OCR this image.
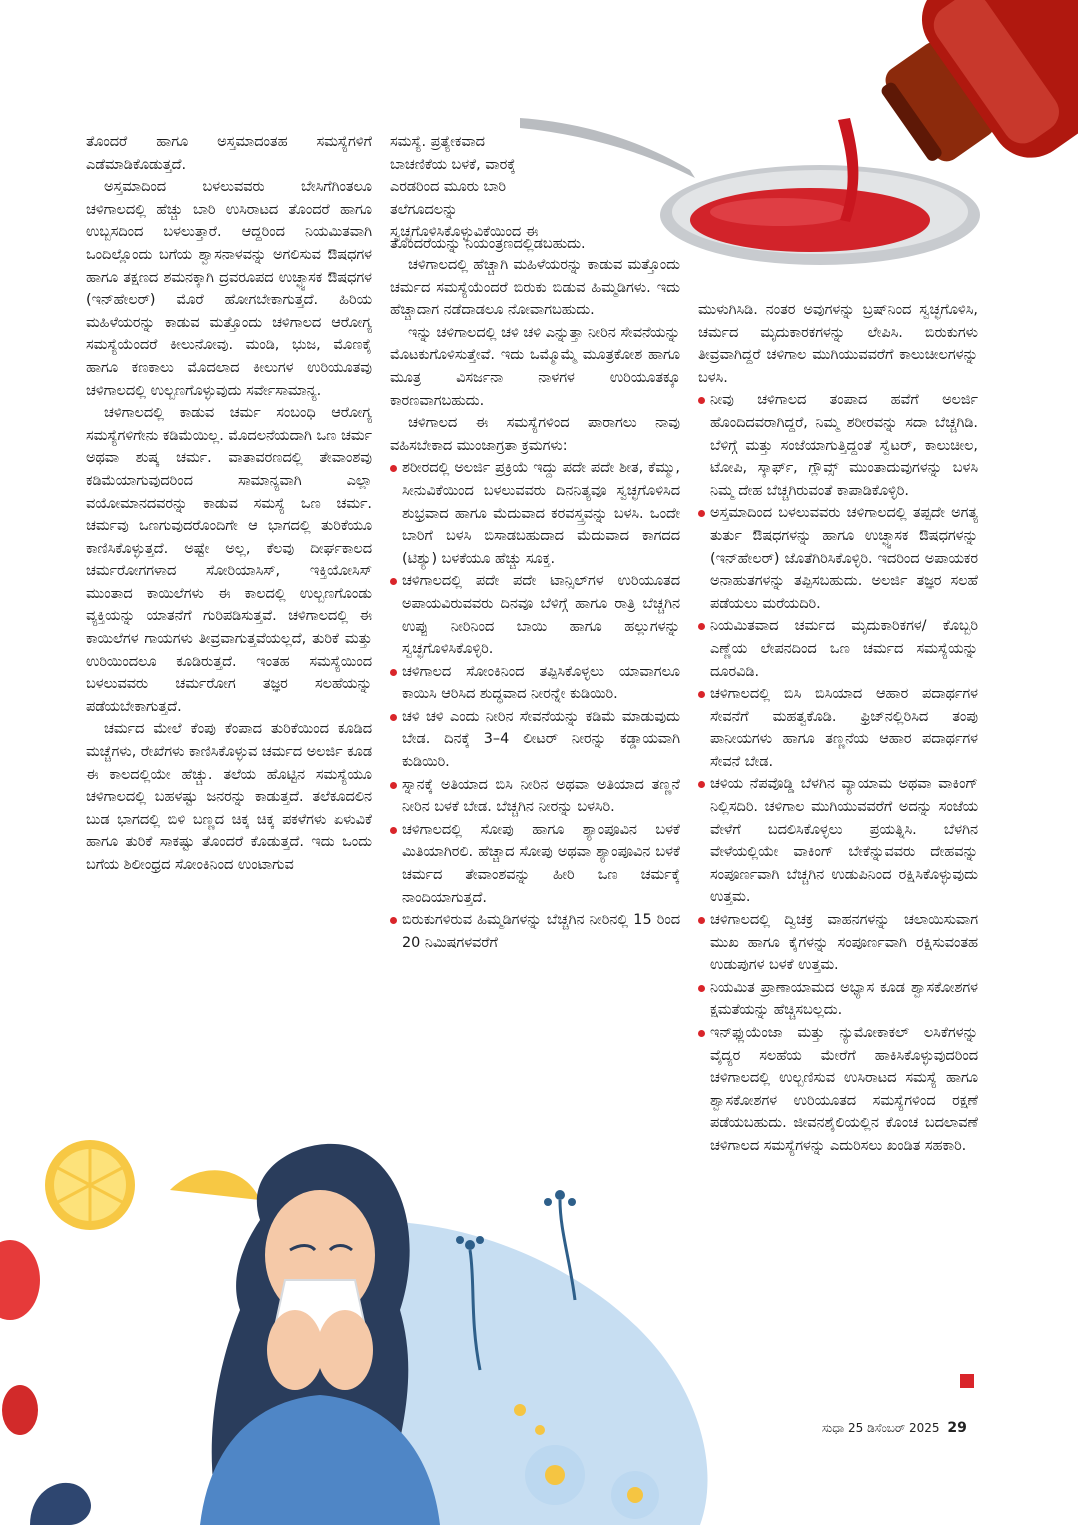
ತೊಂದರೆ ಹಾಗೂ ಅಸ್ತಮಾದಂತಹ ಸಮಸ್ಯೆಗಳಿಗೆ ಎಡೆಮಾಡಿಕೊಡುತ್ತದೆ.

ಅಸ್ತಮಾದಿಂದ ಬಳಲುವವರು ಬೇಸಿಗೆಗಿಂತಲೂ ಚಳಿಗಾಲದಲ್ಲಿ ಹೆಚ್ಚು ಬಾರಿ ಉಸಿರಾಟದ ತೊಂದರೆ ಹಾಗೂ ಉಬ್ಬಸದಿಂದ ಬಳಲುತ್ತಾರೆ. ಆದ್ದರಿಂದ ನಿಯಮಿತವಾಗಿ ಒಂದಿಲ್ಲೊಂದು ಬಗೆಯ ಶ್ವಾಸನಾಳವನ್ನು ಅಗಲಿಸುವ ಔಷಧಗಳ ಹಾಗೂ ತಕ್ಷಣದ ಶಮನಕ್ಕಾಗಿ ದ್ರವರೂಪದ ಉಚ್ಛ್ವಾಸಕ ಔಷಧಗಳ (ಇನ್‌ಹೇಲರ್) ಮೊರೆ ಹೋಗಬೇಕಾಗುತ್ತದೆ. ಹಿರಿಯ ಮಹಿಳೆಯರನ್ನು ಕಾಡುವ ಮತ್ತೊಂದು ಚಳಿಗಾಲದ ಆರೋಗ್ಯ ಸಮಸ್ಯೆಯೆಂದರೆ ಕೀಲುನೋವು. ಮಂಡಿ, ಭುಜ, ಮೊಣಕೈ ಹಾಗೂ ಕಣಕಾಲು ಮೊದಲಾದ ಕೀಲುಗಳ ಉರಿಯೂತವು ಚಳಿಗಾಲದಲ್ಲಿ ಉಲ್ಬಣಗೊಳ್ಳುವುದು ಸರ್ವೇಸಾಮಾನ್ಯ.

ಚಳಿಗಾಲದಲ್ಲಿ ಕಾಡುವ ಚರ್ಮ ಸಂಬಂಧಿ ಆರೋಗ್ಯ ಸಮಸ್ಯೆಗಳಿಗೇನು ಕಡಿಮೆಯಿಲ್ಲ. ಮೊದಲನೆಯದಾಗಿ ಒಣ ಚರ್ಮ ಅಥವಾ ಶುಷ್ಕ ಚರ್ಮ. ವಾತಾವರಣದಲ್ಲಿ ತೇವಾಂಶವು ಕಡಿಮೆಯಾಗುವುದರಿಂದ ಸಾಮಾನ್ಯವಾಗಿ ಎಲ್ಲಾ ವಯೋಮಾನದವರನ್ನು ಕಾಡುವ ಸಮಸ್ಯೆ ಒಣ ಚರ್ಮ. ಚರ್ಮವು ಒಣಗುವುದರೊಂದಿಗೇ ಆ ಭಾಗದಲ್ಲಿ ತುರಿಕೆಯೂ ಕಾಣಿಸಿಕೊಳ್ಳುತ್ತದೆ. ಅಷ್ಟೇ ಅಲ್ಲ, ಕೆಲವು ದೀರ್ಘಕಾಲದ ಚರ್ಮರೋಗಗಳಾದ ಸೋರಿಯಾಸಿಸ್, ಇಕ್ತಿಯೋಸಿಸ್ ಮುಂತಾದ ಕಾಯಿಲೆಗಳು ಈ ಕಾಲದಲ್ಲಿ ಉಲ್ಬಣಗೊಂಡು ವ್ಯಕ್ತಿಯನ್ನು ಯಾತನೆಗೆ ಗುರಿಪಡಿಸುತ್ತವೆ. ಚಳಿಗಾಲದಲ್ಲಿ ಈ ಕಾಯಿಲೆಗಳ ಗಾಯಗಳು ತೀವ್ರವಾಗುತ್ತವೆಯಲ್ಲದೆ, ತುರಿಕೆ ಮತ್ತು ಉರಿಯಿಂದಲೂ ಕೂಡಿರುತ್ತದೆ. ಇಂತಹ ಸಮಸ್ಯೆಯಿಂದ ಬಳಲುವವರು ಚರ್ಮರೋಗ ತಜ್ಞರ ಸಲಹೆಯನ್ನು ಪಡೆಯಬೇಕಾಗುತ್ತದೆ.

ಚರ್ಮದ ಮೇಲೆ ಕೆಂಪು ಕೆಂಪಾದ ತುರಿಕೆಯಿಂದ ಕೂಡಿದ ಮಚ್ಚೆಗಳು, ರೇಖೆಗಳು ಕಾಣಿಸಿಕೊಳ್ಳುವ ಚರ್ಮದ ಅಲರ್ಜಿ ಕೂಡ ಈ ಕಾಲದಲ್ಲಿಯೇ ಹೆಚ್ಚು. ತಲೆಯ ಹೊಟ್ಟಿನ ಸಮಸ್ಯೆಯೂ ಚಳಿಗಾಲದಲ್ಲಿ ಬಹಳಷ್ಟು ಜನರನ್ನು ಕಾಡುತ್ತದೆ. ತಲೆಕೂದಲಿನ ಬುಡ ಭಾಗದಲ್ಲಿ ಬಿಳಿ ಬಣ್ಣದ ಚಿಕ್ಕ ಚಿಕ್ಕ ಪಕಳೆಗಳು ಏಳುವಿಕೆ ಹಾಗೂ ತುರಿಕೆ ಸಾಕಷ್ಟು ತೊಂದರೆ ಕೊಡುತ್ತದೆ. ಇದು ಒಂದು ಬಗೆಯ ಶಿಲೀಂಧ್ರದ ಸೋಂಕಿನಿಂದ ಉಂಟಾಗುವ

ಸಮಸ್ಯೆ. ಪ್ರತ್ಯೇಕವಾದ ಬಾಚಣಿಕೆಯ ಬಳಕೆ, ವಾರಕ್ಕೆ ಎರಡರಿಂದ ಮೂರು ಬಾರಿ ತಲೆಗೂದಲನ್ನು ಸ್ವಚ್ಛಗೊಳಿಸಿಕೊಳ್ಳುವಿಕೆಯಿಂದ ಈ

ತೊಂದರೆಯನ್ನು ನಿಯಂತ್ರಣದಲ್ಲಿಡಬಹುದು.

ಚಳಿಗಾಲದಲ್ಲಿ ಹೆಚ್ಚಾಗಿ ಮಹಿಳೆಯರನ್ನು ಕಾಡುವ ಮತ್ತೊಂದು ಚರ್ಮದ ಸಮಸ್ಯೆಯೆಂದರೆ ಬಿರುಕು ಬಿಡುವ ಹಿಮ್ಮಡಿಗಳು. ಇದು ಹೆಚ್ಚಾದಾಗ ನಡೆದಾಡಲೂ ನೋವಾಗಬಹುದು.

ಇನ್ನು ಚಳಿಗಾಲದಲ್ಲಿ ಚಳಿ ಚಳಿ ಎನ್ನುತ್ತಾ ನೀರಿನ ಸೇವನೆಯನ್ನು ಮೊಟಕುಗೊಳಿಸುತ್ತೇವೆ. ಇದು ಒಮ್ಮೊಮ್ಮೆ ಮೂತ್ರಕೋಶ ಹಾಗೂ ಮೂತ್ರ ವಿಸರ್ಜನಾ ನಾಳಗಳ ಉರಿಯೂತಕ್ಕೂ ಕಾರಣವಾಗಬಹುದು.

ಚಳಿಗಾಲದ ಈ ಸಮಸ್ಯೆಗಳಿಂದ ಪಾರಾಗಲು ನಾವು ವಹಿಸಬೇಕಾದ ಮುಂಜಾಗ್ರತಾ ಕ್ರಮಗಳು:

ಶರೀರದಲ್ಲಿ ಅಲರ್ಜಿ ಪ್ರಕ್ರಿಯೆ ಇದ್ದು ಪದೇ ಪದೇ ಶೀತ, ಕೆಮ್ಮು, ಸೀನುವಿಕೆಯಿಂದ ಬಳಲುವವರು ದಿನನಿತ್ಯವೂ ಸ್ವಚ್ಛಗೊಳಿಸಿದ ಶುಭ್ರವಾದ ಹಾಗೂ ಮೆದುವಾದ ಕರವಸ್ತ್ರವನ್ನು ಬಳಸಿ. ಒಂದೇ ಬಾರಿಗೆ ಬಳಸಿ ಬಿಸಾಡಬಹುದಾದ ಮೆದುವಾದ ಕಾಗದದ (ಟಿಶ್ಯು) ಬಳಕೆಯೂ ಹೆಚ್ಚು ಸೂಕ್ತ.
ಚಳಿಗಾಲದಲ್ಲಿ ಪದೇ ಪದೇ ಟಾನ್ಸಿಲ್‌ಗಳ ಉರಿಯೂತದ ಅಪಾಯವಿರುವವರು ದಿನವೂ ಬೆಳಿಗ್ಗೆ ಹಾಗೂ ರಾತ್ರಿ ಬೆಚ್ಚಗಿನ ಉಪ್ಪು ನೀರಿನಿಂದ ಬಾಯಿ ಹಾಗೂ ಹಲ್ಲುಗಳನ್ನು ಸ್ವಚ್ಛಗೊಳಿಸಿಕೊಳ್ಳಿರಿ.
ಚಳಿಗಾಲದ ಸೋಂಕಿನಿಂದ ತಪ್ಪಿಸಿಕೊಳ್ಳಲು ಯಾವಾಗಲೂ ಕಾಯಿಸಿ ಆರಿಸಿದ ಶುದ್ಧವಾದ ನೀರನ್ನೇ ಕುಡಿಯಿರಿ.
ಚಳಿ ಚಳಿ ಎಂದು ನೀರಿನ ಸೇವನೆಯನ್ನು ಕಡಿಮೆ ಮಾಡುವುದು ಬೇಡ. ದಿನಕ್ಕೆ 3–4 ಲೀಟರ್ ನೀರನ್ನು ಕಡ್ಡಾಯವಾಗಿ ಕುಡಿಯಿರಿ.
ಸ್ನಾನಕ್ಕೆ ಅತಿಯಾದ ಬಿಸಿ ನೀರಿನ ಅಥವಾ ಅತಿಯಾದ ತಣ್ಣನೆ ನೀರಿನ ಬಳಕೆ ಬೇಡ. ಬೆಚ್ಚಗಿನ ನೀರನ್ನು ಬಳಸಿರಿ.
ಚಳಿಗಾಲದಲ್ಲಿ ಸೋಪು ಹಾಗೂ ಶ್ಯಾಂಪೂವಿನ ಬಳಕೆ ಮಿತಿಯಾಗಿರಲಿ. ಹೆಚ್ಚಾದ ಸೋಪು ಅಥವಾ ಶ್ಯಾಂಪೂವಿನ ಬಳಕೆ ಚರ್ಮದ ತೇವಾಂಶವನ್ನು ಹೀರಿ ಒಣ ಚರ್ಮಕ್ಕೆ ನಾಂದಿಯಾಗುತ್ತದೆ.
ಬಿರುಕುಗಳಿರುವ ಹಿಮ್ಮಡಿಗಳನ್ನು ಬೆಚ್ಚಗಿನ ನೀರಿನಲ್ಲಿ 15 ರಿಂದ 20 ನಿಮಿಷಗಳವರೆಗೆ

ಮುಳುಗಿಸಿಡಿ. ನಂತರ ಅವುಗಳನ್ನು ಬ್ರಷ್‌ನಿಂದ ಸ್ವಚ್ಛಗೊಳಿಸಿ, ಚರ್ಮದ ಮೃದುಕಾರಕಗಳನ್ನು ಲೇಪಿಸಿ. ಬಿರುಕುಗಳು ತೀವ್ರವಾಗಿದ್ದರೆ ಚಳಿಗಾಲ ಮುಗಿಯುವವರೆಗೆ ಕಾಲುಚೀಲಗಳನ್ನು ಬಳಸಿ.

ನೀವು ಚಳಿಗಾಲದ ತಂಪಾದ ಹವೆಗೆ ಅಲರ್ಜಿ ಹೊಂದಿದವರಾಗಿದ್ದರೆ, ನಿಮ್ಮ ಶರೀರವನ್ನು ಸದಾ ಬೆಚ್ಚಗಿಡಿ. ಬೆಳಿಗ್ಗೆ ಮತ್ತು ಸಂಜೆಯಾಗುತ್ತಿದ್ದಂತೆ ಸ್ವೆಟರ್, ಕಾಲುಚೀಲ, ಟೋಪಿ, ಸ್ಕಾರ್ಫ್, ಗ್ಲೌವ್ಸ್ ಮುಂತಾದುವುಗಳನ್ನು ಬಳಸಿ ನಿಮ್ಮ ದೇಹ ಬೆಚ್ಚಗಿರುವಂತೆ ಕಾಪಾಡಿಕೊಳ್ಳಿರಿ.
ಅಸ್ತಮಾದಿಂದ ಬಳಲುವವರು ಚಳಿಗಾಲದಲ್ಲಿ ತಪ್ಪದೇ ಅಗತ್ಯ ತುರ್ತು ಔಷಧಗಳನ್ನು ಹಾಗೂ ಉಚ್ಛ್ವಾಸಕ ಔಷಧಗಳನ್ನು (ಇನ್‌ಹೇಲರ್) ಜೊತೆಗಿರಿಸಿಕೊಳ್ಳಿರಿ. ಇದರಿಂದ ಅಪಾಯಕರ ಅನಾಹುತಗಳನ್ನು ತಪ್ಪಿಸಬಹುದು. ಅಲರ್ಜಿ ತಜ್ಞರ ಸಲಹೆ ಪಡೆಯಲು ಮರೆಯದಿರಿ.
ನಿಯಮಿತವಾದ ಚರ್ಮದ ಮೃದುಕಾರಿಕಗಳ/ ಕೊಬ್ಬರಿ ಎಣ್ಣೆಯ ಲೇಪನದಿಂದ ಒಣ ಚರ್ಮದ ಸಮಸ್ಯೆಯನ್ನು ದೂರವಿಡಿ.
ಚಳಿಗಾಲದಲ್ಲಿ ಬಿಸಿ ಬಿಸಿಯಾದ ಆಹಾರ ಪದಾರ್ಥಗಳ ಸೇವನೆಗೆ ಮಹತ್ವಕೊಡಿ. ಫ್ರಿಜ್‌ನಲ್ಲಿರಿಸಿದ ತಂಪು ಪಾನೀಯಗಳು ಹಾಗೂ ತಣ್ಣನೆಯ ಆಹಾರ ಪದಾರ್ಥಗಳ ಸೇವನೆ ಬೇಡ.
ಚಳಿಯ ನೆಪವೊಡ್ಡಿ ಬೆಳಗಿನ ವ್ಯಾಯಾಮ ಅಥವಾ ವಾಕಿಂಗ್ ನಿಲ್ಲಿಸದಿರಿ. ಚಳಿಗಾಲ ಮುಗಿಯುವವರೆಗೆ ಅದನ್ನು ಸಂಜೆಯ ವೇಳೆಗೆ ಬದಲಿಸಿಕೊಳ್ಳಲು ಪ್ರಯತ್ನಿಸಿ. ಬೆಳಗಿನ ವೇಳೆಯಲ್ಲಿಯೇ ವಾಕಿಂಗ್ ಬೇಕೆನ್ನುವವರು ದೇಹವನ್ನು ಸಂಪೂರ್ಣವಾಗಿ ಬೆಚ್ಚಗಿನ ಉಡುಪಿನಿಂದ ರಕ್ಷಿಸಿಕೊಳ್ಳುವುದು ಉತ್ತಮ.
ಚಳಿಗಾಲದಲ್ಲಿ ದ್ವಿಚಕ್ರ ವಾಹನಗಳನ್ನು ಚಲಾಯಿಸುವಾಗ ಮುಖ ಹಾಗೂ ಕೈಗಳನ್ನು ಸಂಪೂರ್ಣವಾಗಿ ರಕ್ಷಿಸುವಂತಹ ಉಡುಪುಗಳ ಬಳಕೆ ಉತ್ತಮ.
ನಿಯಮಿತ ಪ್ರಾಣಾಯಾಮದ ಅಭ್ಯಾಸ ಕೂಡ ಶ್ವಾಸಕೋಶಗಳ ಕ್ಷಮತೆಯನ್ನು ಹೆಚ್ಚಿಸಬಲ್ಲದು.
ಇನ್‌ಫ್ಲುಯೆಂಜಾ ಮತ್ತು ನ್ಯುಮೋಕಾಕಲ್ ಲಸಿಕೆಗಳನ್ನು ವೈದ್ಯರ ಸಲಹೆಯ ಮೇರೆಗೆ ಹಾಕಿಸಿಕೊಳ್ಳುವುದರಿಂದ ಚಳಿಗಾಲದಲ್ಲಿ ಉಲ್ಬಣಿಸುವ ಉಸಿರಾಟದ ಸಮಸ್ಯೆ ಹಾಗೂ ಶ್ವಾಸಕೋಶಗಳ ಉರಿಯೂತದ ಸಮಸ್ಯೆಗಳಿಂದ ರಕ್ಷಣೆ ಪಡೆಯಬಹುದು. ಜೀವನಶೈಲಿಯಲ್ಲಿನ ಕೊಂಚ ಬದಲಾವಣೆ ಚಳಿಗಾಲದ ಸಮಸ್ಯೆಗಳನ್ನು ಎದುರಿಸಲು ಖಂಡಿತ ಸಹಕಾರಿ.
ಸುಧಾ 25 ಡಿಸೆಂಬರ್ 2025 29
